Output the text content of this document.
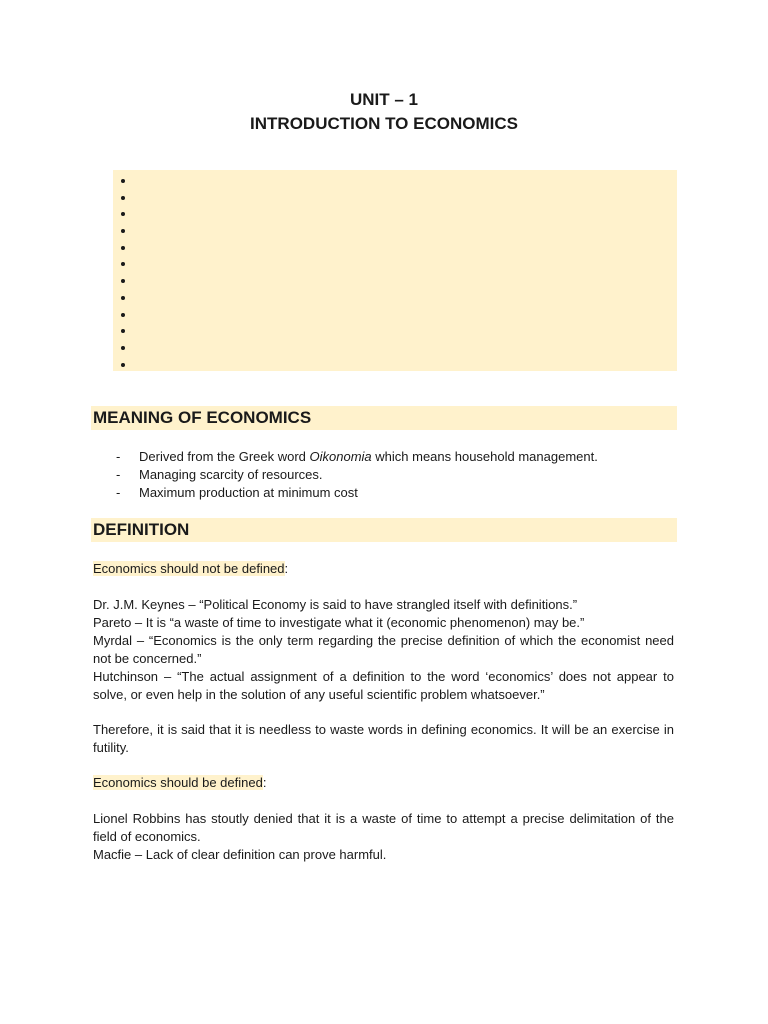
UNIT – 1
INTRODUCTION TO ECONOMICS
MEANING OF ECONOMICS
- Derived from the Greek word Oikonomia which means household management.
- Managing scarcity of resources.
- Maximum production at minimum cost
DEFINITION
Economics should not be defined:
Dr. J.M. Keynes – “Political Economy is said to have strangled itself with definitions.”
Pareto – It is “a waste of time to investigate what it (economic phenomenon) may be.”
Myrdal – “Economics is the only term regarding the precise definition of which the economist need not be concerned.”
Hutchinson – “The actual assignment of a definition to the word ‘economics’ does not appear to solve, or even help in the solution of any useful scientific problem whatsoever.”
Therefore, it is said that it is needless to waste words in defining economics. It will be an exercise in futility.
Economics should be defined:
Lionel Robbins has stoutly denied that it is a waste of time to attempt a precise delimitation of the field of economics.
Macfie – Lack of clear definition can prove harmful.
